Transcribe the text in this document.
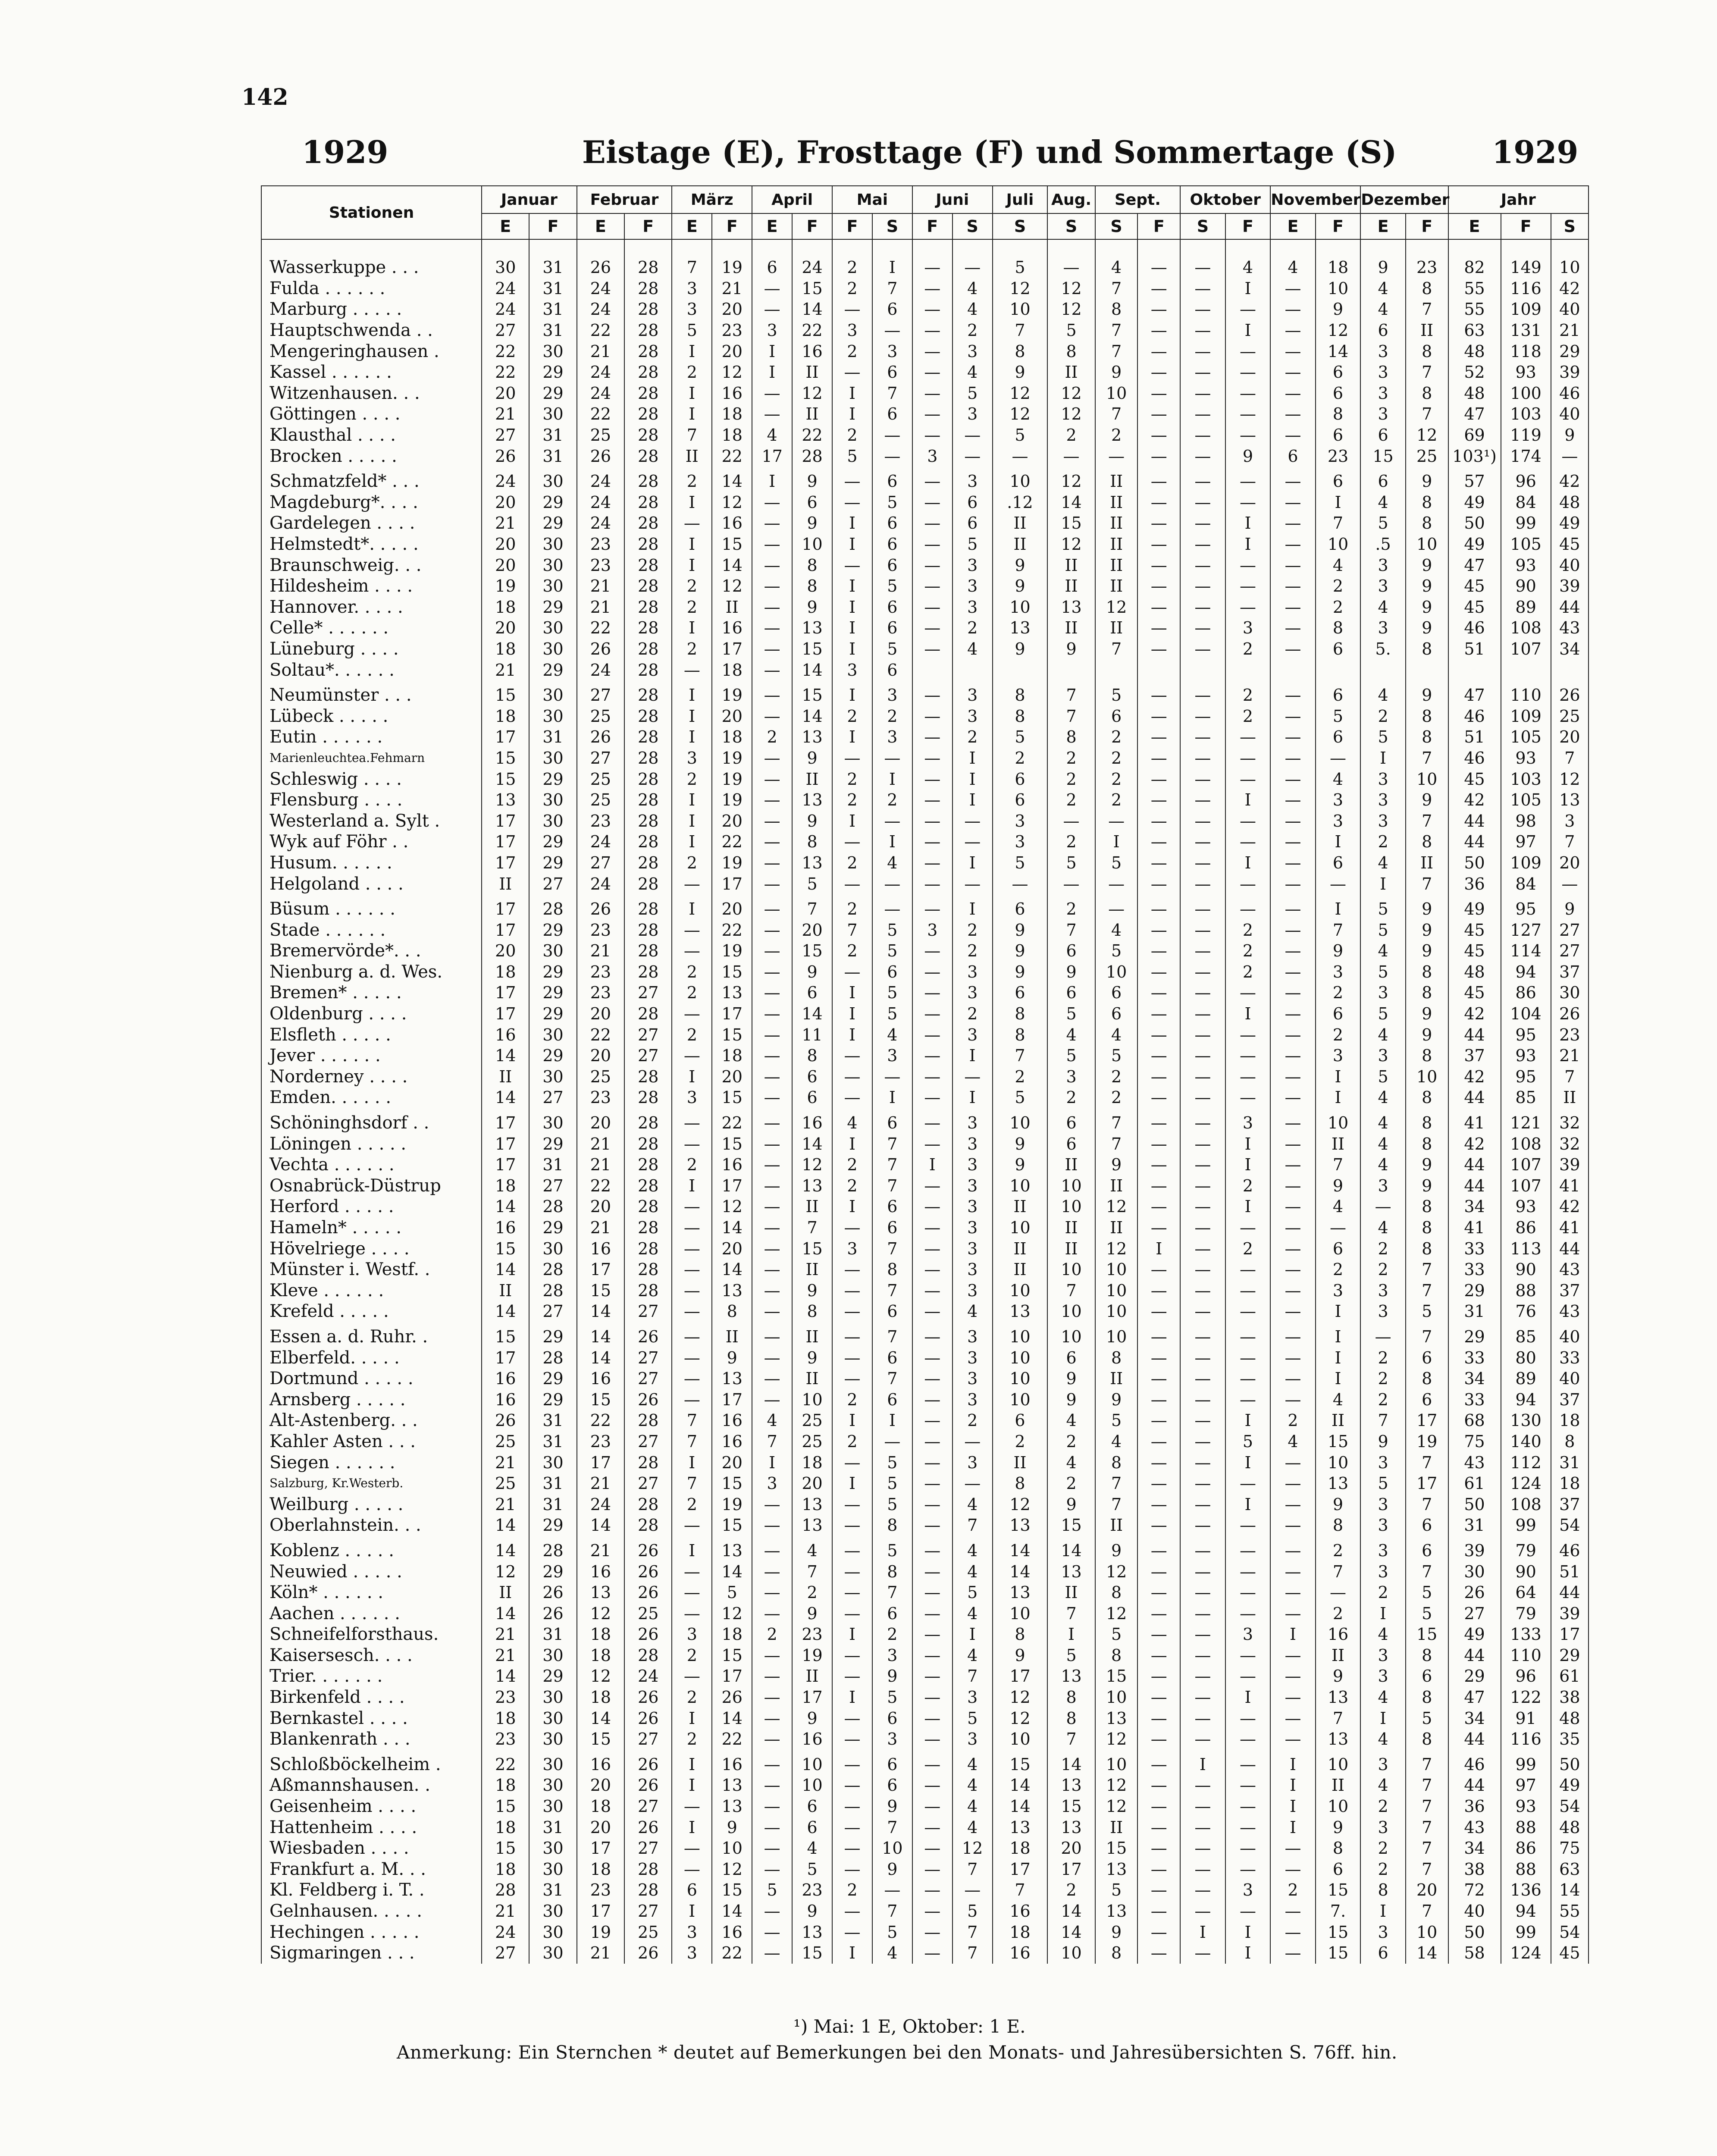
142
1929	Eistage (E), Frosttage (F) und Sommertage (S)	1929
Stationen	Januar		Februar		März		April		Mai		Juni		Juli	Aug.	Sept.		Oktober		November		Dezember		Jahr		
	E	F	E	F	E	F	E	F	F	S	F	S	S	S	S	F	S	F	E	F	E	F	E	F	S

Wasserkuppe . . .	30	31	26	28	7	19	6	24	2	I	—	—	5	—	4	—	—	4	4	18	9	23	82	149	10
Fulda . . . . . .	24	31	24	28	3	21	—	15	2	7	—	4	12	12	7	—	—	I	—	10	4	8	55	116	42
Marburg . . . . .	24	31	24	28	3	20	—	14	—	6	—	4	10	12	8	—	—	—	—	9	4	7	55	109	40
Hauptschwenda . .	27	31	22	28	5	23	3	22	3	—	—	2	7	5	7	—	—	I	—	12	6	II	63	131	21
Mengeringhausen .	22	30	21	28	I	20	I	16	2	3	—	3	8	8	7	—	—	—	—	14	3	8	48	118	29
Kassel . . . . . .	22	29	24	28	2	12	I	II	—	6	—	4	9	II	9	—	—	—	—	6	3	7	52	93	39
Witzenhausen. . .	20	29	24	28	I	16	—	12	I	7	—	5	12	12	10	—	—	—	—	6	3	8	48	100	46
Göttingen . . . .	21	30	22	28	I	18	—	II	I	6	—	3	12	12	7	—	—	—	—	8	3	7	47	103	40
Klausthal . . . .	27	31	25	28	7	18	4	22	2	—	—	—	5	2	2	—	—	—	—	6	6	12	69	119	9
Brocken . . . . .	26	31	26	28	II	22	17	28	5	—	3	—	—	—	—	—	—	9	6	23	15	25	103¹)	174	—
Schmatzfeld* . . .	24	30	24	28	2	14	I	9	—	6	—	3	10	12	II	—	—	—	—	6	6	9	57	96	42
Magdeburg*. . . .	20	29	24	28	I	12	—	6	—	5	—	6	.12	14	II	—	—	—	—	I	4	8	49	84	48
Gardelegen . . . .	21	29	24	28	—	16	—	9	I	6	—	6	II	15	II	—	—	I	—	7	5	8	50	99	49
Helmstedt*. . . . .	20	30	23	28	I	15	—	10	I	6	—	5	II	12	II	—	—	I	—	10	.5	10	49	105	45
Braunschweig. . .	20	30	23	28	I	14	—	8	—	6	—	3	9	II	II	—	—	—	—	4	3	9	47	93	40
Hildesheim . . . .	19	30	21	28	2	12	—	8	I	5	—	3	9	II	II	—	—	—	—	2	3	9	45	90	39
Hannover. . . . .	18	29	21	28	2	II	—	9	I	6	—	3	10	13	12	—	—	—	—	2	4	9	45	89	44
Celle* . . . . . .	20	30	22	28	I	16	—	13	I	6	—	2	13	II	II	—	—	3	—	8	3	9	46	108	43
Lüneburg . . . .	18	30	26	28	2	17	—	15	I	5	—	4	9	9	7	—	—	2	—	6	5.	8	51	107	34
Soltau*. . . . . .	21	29	24	28	—	18	—	14	3	6															
Neumünster . . .	15	30	27	28	I	19	—	15	I	3	—	3	8	7	5	—	—	2	—	6	4	9	47	110	26
Lübeck . . . . .	18	30	25	28	I	20	—	14	2	2	—	3	8	7	6	—	—	2	—	5	2	8	46	109	25
Eutin . . . . . .	17	31	26	28	I	18	2	13	I	3	—	2	5	8	2	—	—	—	—	6	5	8	51	105	20
Marienleuchtea.Fehmarn	15	30	27	28	3	19	—	9	—	—	—	I	2	2	2	—	—	—	—	—	I	7	46	93	7
Schleswig . . . .	15	29	25	28	2	19	—	II	2	I	—	I	6	2	2	—	—	—	—	4	3	10	45	103	12
Flensburg . . . .	13	30	25	28	I	19	—	13	2	2	—	I	6	2	2	—	—	I	—	3	3	9	42	105	13
Westerland a. Sylt .	17	30	23	28	I	20	—	9	I	—	—	—	3	—	—	—	—	—	—	3	3	7	44	98	3
Wyk auf Föhr . .	17	29	24	28	I	22	—	8	—	I	—	—	3	2	I	—	—	—	—	I	2	8	44	97	7
Husum. . . . . .	17	29	27	28	2	19	—	13	2	4	—	I	5	5	5	—	—	I	—	6	4	II	50	109	20
Helgoland . . . .	II	27	24	28	—	17	—	5	—	—	—	—	—	—	—	—	—	—	—	—	I	7	36	84	—
Büsum . . . . . .	17	28	26	28	I	20	—	7	2	—	—	I	6	2	—	—	—	—	—	I	5	9	49	95	9
Stade . . . . . .	17	29	23	28	—	22	—	20	7	5	3	2	9	7	4	—	—	2	—	7	5	9	45	127	27
Bremervörde*. . .	20	30	21	28	—	19	—	15	2	5	—	2	9	6	5	—	—	2	—	9	4	9	45	114	27
Nienburg a. d. Wes.	18	29	23	28	2	15	—	9	—	6	—	3	9	9	10	—	—	2	—	3	5	8	48	94	37
Bremen* . . . . .	17	29	23	27	2	13	—	6	I	5	—	3	6	6	6	—	—	—	—	2	3	8	45	86	30
Oldenburg . . . .	17	29	20	28	—	17	—	14	I	5	—	2	8	5	6	—	—	I	—	6	5	9	42	104	26
Elsfleth . . . . .	16	30	22	27	2	15	—	11	I	4	—	3	8	4	4	—	—	—	—	2	4	9	44	95	23
Jever . . . . . .	14	29	20	27	—	18	—	8	—	3	—	I	7	5	5	—	—	—	—	3	3	8	37	93	21
Norderney . . . .	II	30	25	28	I	20	—	6	—	—	—	—	2	3	2	—	—	—	—	I	5	10	42	95	7
Emden. . . . . .	14	27	23	28	3	15	—	6	—	I	—	I	5	2	2	—	—	—	—	I	4	8	44	85	II
Schöninghsdorf . .	17	30	20	28	—	22	—	16	4	6	—	3	10	6	7	—	—	3	—	10	4	8	41	121	32
Löningen . . . . .	17	29	21	28	—	15	—	14	I	7	—	3	9	6	7	—	—	I	—	II	4	8	42	108	32
Vechta . . . . . .	17	31	21	28	2	16	—	12	2	7	I	3	9	II	9	—	—	I	—	7	4	9	44	107	39
Osnabrück-Düstrup	18	27	22	28	I	17	—	13	2	7	—	3	10	10	II	—	—	2	—	9	3	9	44	107	41
Herford . . . . .	14	28	20	28	—	12	—	II	I	6	—	3	II	10	12	—	—	I	—	4	—	8	34	93	42
Hameln* . . . . .	16	29	21	28	—	14	—	7	—	6	—	3	10	II	II	—	—	—	—	—	4	8	41	86	41
Hövelriege . . . .	15	30	16	28	—	20	—	15	3	7	—	3	II	II	12	I	—	2	—	6	2	8	33	113	44
Münster i. Westf. .	14	28	17	28	—	14	—	II	—	8	—	3	II	10	10	—	—	—	—	2	2	7	33	90	43
Kleve . . . . . .	II	28	15	28	—	13	—	9	—	7	—	3	10	7	10	—	—	—	—	3	3	7	29	88	37
Krefeld . . . . .	14	27	14	27	—	8	—	8	—	6	—	4	13	10	10	—	—	—	—	I	3	5	31	76	43
Essen a. d. Ruhr. .	15	29	14	26	—	II	—	II	—	7	—	3	10	10	10	—	—	—	—	I	—	7	29	85	40
Elberfeld. . . . .	17	28	14	27	—	9	—	9	—	6	—	3	10	6	8	—	—	—	—	I	2	6	33	80	33
Dortmund . . . . .	16	29	16	27	—	13	—	II	—	7	—	3	10	9	II	—	—	—	—	I	2	8	34	89	40
Arnsberg . . . . .	16	29	15	26	—	17	—	10	2	6	—	3	10	9	9	—	—	—	—	4	2	6	33	94	37
Alt-Astenberg. . .	26	31	22	28	7	16	4	25	I	I	—	2	6	4	5	—	—	I	2	II	7	17	68	130	18
Kahler Asten . . .	25	31	23	27	7	16	7	25	2	—	—	—	2	2	4	—	—	5	4	15	9	19	75	140	8
Siegen . . . . . .	21	30	17	28	I	20	I	18	—	5	—	3	II	4	8	—	—	I	—	10	3	7	43	112	31
Salzburg, Kr.Westerb.	25	31	21	27	7	15	3	20	I	5	—	—	8	2	7	—	—	—	—	13	5	17	61	124	18
Weilburg . . . . .	21	31	24	28	2	19	—	13	—	5	—	4	12	9	7	—	—	I	—	9	3	7	50	108	37
Oberlahnstein. . .	14	29	14	28	—	15	—	13	—	8	—	7	13	15	II	—	—	—	—	8	3	6	31	99	54
Koblenz . . . . .	14	28	21	26	I	13	—	4	—	5	—	4	14	14	9	—	—	—	—	2	3	6	39	79	46
Neuwied . . . . .	12	29	16	26	—	14	—	7	—	8	—	4	14	13	12	—	—	—	—	7	3	7	30	90	51
Köln* . . . . . .	II	26	13	26	—	5	—	2	—	7	—	5	13	II	8	—	—	—	—	—	2	5	26	64	44
Aachen . . . . . .	14	26	12	25	—	12	—	9	—	6	—	4	10	7	12	—	—	—	—	2	I	5	27	79	39
Schneifelforsthaus.	21	31	18	26	3	18	2	23	I	2	—	I	8	I	5	—	—	3	I	16	4	15	49	133	17
Kaisersesch. . . .	21	30	18	28	2	15	—	19	—	3	—	4	9	5	8	—	—	—	—	II	3	8	44	110	29
Trier. . . . . . .	14	29	12	24	—	17	—	II	—	9	—	7	17	13	15	—	—	—	—	9	3	6	29	96	61
Birkenfeld . . . .	23	30	18	26	2	26	—	17	I	5	—	3	12	8	10	—	—	I	—	13	4	8	47	122	38
Bernkastel . . . .	18	30	14	26	I	14	—	9	—	6	—	5	12	8	13	—	—	—	—	7	I	5	34	91	48
Blankenrath . . .	23	30	15	27	2	22	—	16	—	3	—	3	10	7	12	—	—	—	—	13	4	8	44	116	35
Schloßböckelheim .	22	30	16	26	I	16	—	10	—	6	—	4	15	14	10	—	I	—	I	10	3	7	46	99	50
Aßmannshausen. .	18	30	20	26	I	13	—	10	—	6	—	4	14	13	12	—	—	—	I	II	4	7	44	97	49
Geisenheim . . . .	15	30	18	27	—	13	—	6	—	9	—	4	14	15	12	—	—	—	I	10	2	7	36	93	54
Hattenheim . . . .	18	31	20	26	I	9	—	6	—	7	—	4	13	13	II	—	—	—	I	9	3	7	43	88	48
Wiesbaden . . . .	15	30	17	27	—	10	—	4	—	10	—	12	18	20	15	—	—	—	—	8	2	7	34	86	75
Frankfurt a. M. . .	18	30	18	28	—	12	—	5	—	9	—	7	17	17	13	—	—	—	—	6	2	7	38	88	63
Kl. Feldberg i. T. .	28	31	23	28	6	15	5	23	2	—	—	—	7	2	5	—	—	3	2	15	8	20	72	136	14
Gelnhausen. . . . .	21	30	17	27	I	14	—	9	—	7	—	5	16	14	13	—	—	—	—	7.	I	7	40	94	55
Hechingen . . . . .	24	30	19	25	3	16	—	13	—	5	—	7	18	14	9	—	I	I	—	15	3	10	50	99	54
Sigmaringen . . .	27	30	21	26	3	22	—	15	I	4	—	7	16	10	8	—	—	I	—	15	6	14	58	124	45
¹) Mai: 1 E, Oktober: 1 E.
Anmerkung: Ein Sternchen * deutet auf Bemerkungen bei den Monats- und Jahresübersichten S. 76ff. hin.
